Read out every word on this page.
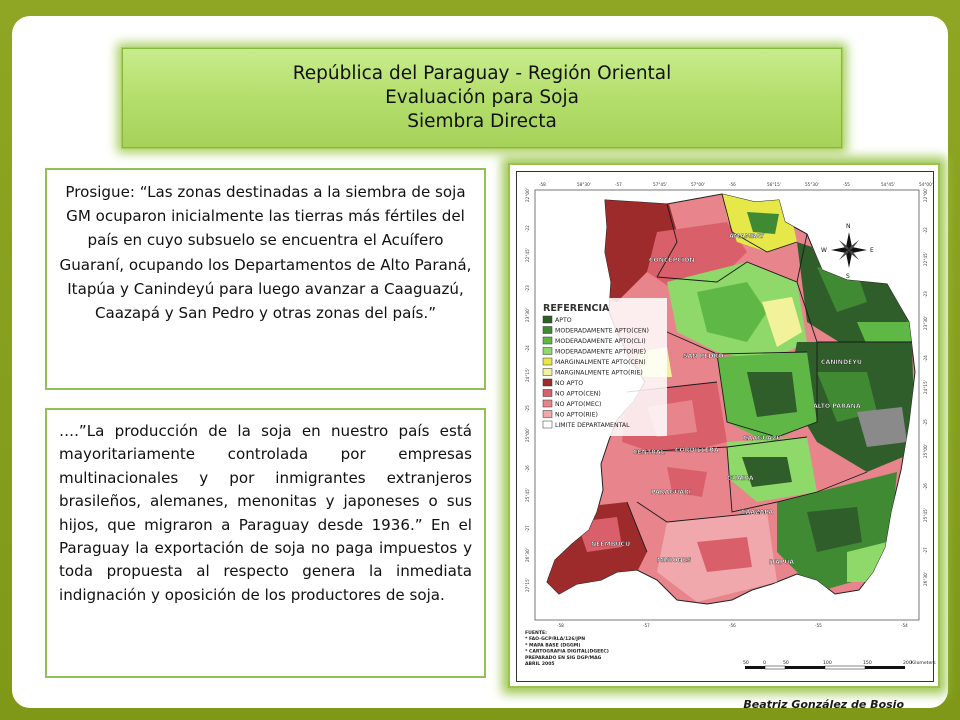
República del Paraguay - Región Oriental
Evaluación para Soja
Siembra Directa

Prosigue: “Las zonas destinadas a la siembra de soja GM ocuparon inicialmente las tierras más fértiles del país en cuyo subsuelo se encuentra el Acuífero Guaraní, ocupando los Departamentos de Alto Paraná, Itapúa y Canindeyú para luego avanzar a Caaguazú, Caazapá y San Pedro y otras zonas del país.”

….”La producción de la soja en nuestro país está mayoritariamente controlada por empresas multinacionales y por inmigrantes extranjeros brasileños, alemanes, menonitas y japoneses o sus hijos, que migraron a Paraguay desde 1936.” En el Paraguay la exportación de soja no paga impuestos y toda propuesta al respecto genera la inmediata indignación y oposición de los productores de soja.

-58	58°30'	-57	57°45'	57°00'	-56	56°15'	55°30'	-55	54°45'	54°00'
22°00'
-22
22°45'
-23
23°30'
-24
24°15'
-25
25°00'
-26
25°45'
-27
26°30'
27°15'
22°00'
-22
22°45'
-23
23°30'
-24
24°15'
-25
25°00'
-26
25°45'
-27
26°30'
-58	-57	-56	-55	-54
AMAMBAY
CONCEPCION
SAN PEDRO
CANINDEYU
ALTO PARANA
CORDILLERA
CAAGUAZU
CENTRAL
GUAIRA
PARAGUARI
CAAZAPA
NEEMBUCU
MISIONES	ITAPUA
REFERENCIA
APTO
MODERADAMENTE APTO(CEN)
MODERADAMENTE APTO(CLI)
MODERADAMENTE APTO(RIE)
MARGINALMENTE APTO(CEN)
MARGINALMENTE APTO(RIE)
NO APTO
NO APTO(CEN)
NO APTO(MEC)
NO APTO(RIE)
LIMITE DEPARTAMENTAL
N
S
E
W
FUENTE:
* FAO-GCP/RLA/126/JPN
* MAPA BASE (DGGM)
* CARTOGRAFIA DIGITAL(DGEEC)
PREPARADO EN SIG DGP/MAG
ABRIL 2005	50	0	50	100	150	200 Kilometers
Beatriz González de Bosio
